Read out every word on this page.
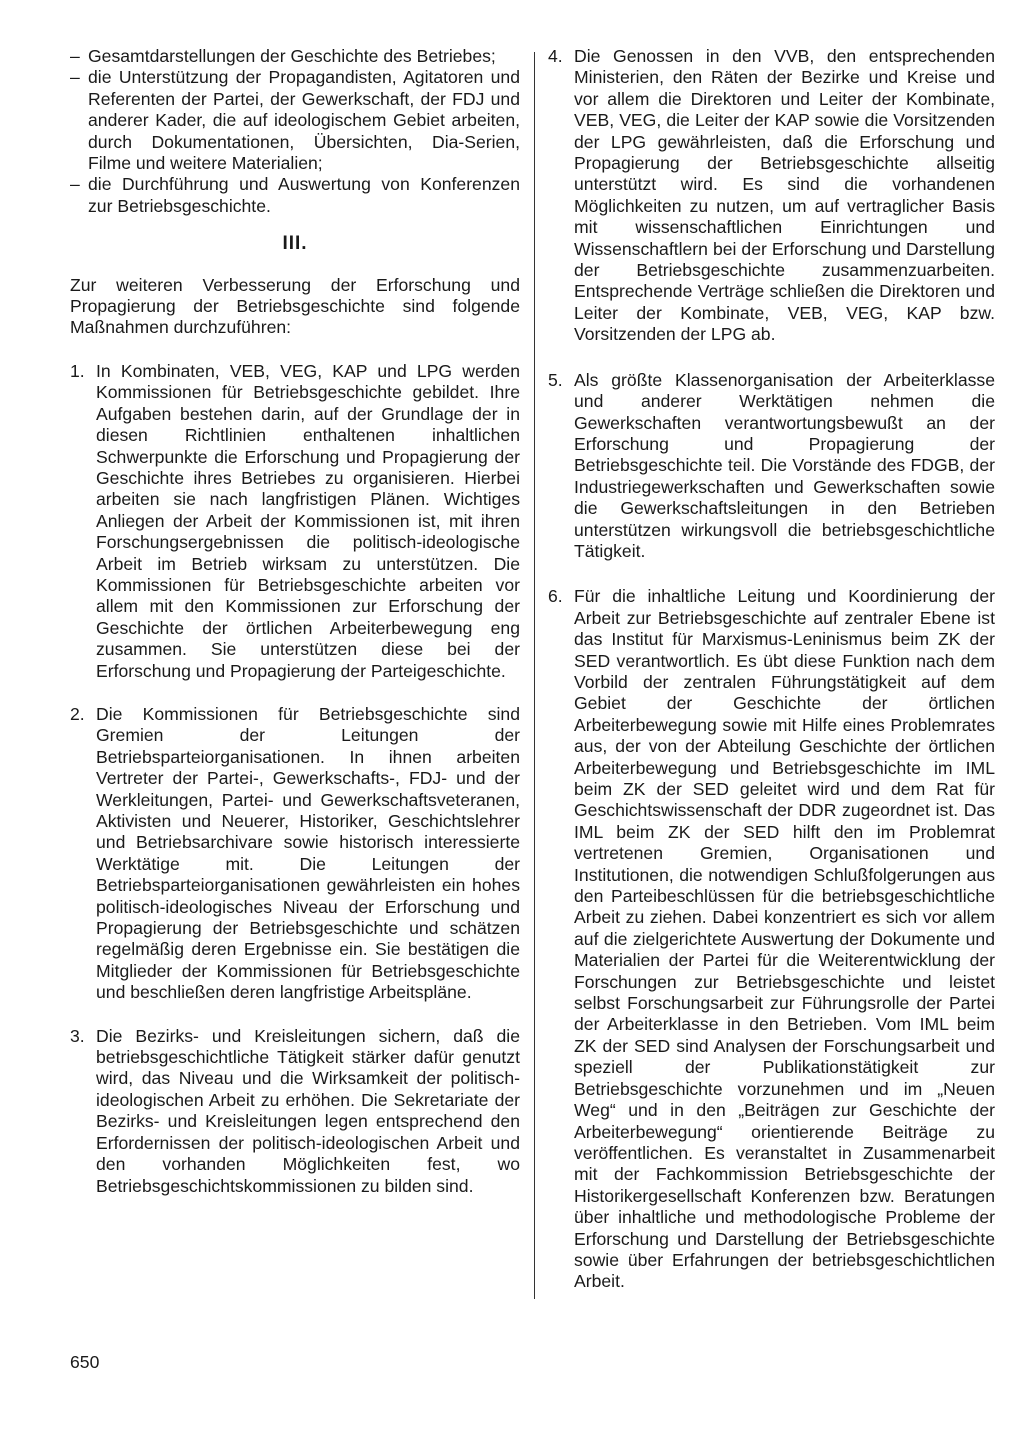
– Gesamtdarstellungen der Geschichte des Betriebes;
– die Unterstützung der Propagandisten, Agitatoren und Referenten der Partei, der Gewerkschaft, der FDJ und anderer Kader, die auf ideologischem Gebiet arbeiten, durch Dokumentationen, Übersichten, Dia-Serien, Filme und weitere Materialien;
– die Durchführung und Auswertung von Konferenzen zur Betriebsgeschichte.
III.

Zur weiteren Verbesserung der Erforschung und Propagierung der Betriebsgeschichte sind folgende Maßnahmen durchzuführen:

1. In Kombinaten, VEB, VEG, KAP und LPG werden Kommissionen für Betriebsgeschichte gebildet. Ihre Aufgaben bestehen darin, auf der Grundlage der in diesen Richtlinien enthaltenen inhaltlichen Schwerpunkte die Erforschung und Propagierung der Geschichte ihres Betriebes zu organisieren. Hierbei arbeiten sie nach langfristigen Plänen. Wichtiges Anliegen der Arbeit der Kommissionen ist, mit ihren Forschungsergebnissen die politisch-ideologische Arbeit im Betrieb wirksam zu unterstützen. Die Kommissionen für Betriebsgeschichte arbeiten vor allem mit den Kommissionen zur Erforschung der Geschichte der örtlichen Arbeiterbewegung eng zusammen. Sie unterstützen diese bei der Erforschung und Propagierung der Parteigeschichte.
2. Die Kommissionen für Betriebsgeschichte sind Gremien der Leitungen der Betriebsparteiorganisationen. In ihnen arbeiten Vertreter der Partei-, Gewerkschafts-, FDJ- und der Werkleitungen, Partei- und Gewerkschaftsveteranen, Aktivisten und Neuerer, Historiker, Geschichtslehrer und Betriebsarchivare sowie historisch interessierte Werktätige mit. Die Leitungen der Betriebsparteiorganisationen gewährleisten ein hohes politisch-ideologisches Niveau der Erforschung und Propagierung der Betriebsgeschichte und schätzen regelmäßig deren Ergebnisse ein. Sie bestätigen die Mitglieder der Kommissionen für Betriebsgeschichte und beschließen deren langfristige Arbeitspläne.
3. Die Bezirks- und Kreisleitungen sichern, daß die betriebsgeschichtliche Tätigkeit stärker dafür genutzt wird, das Niveau und die Wirksamkeit der politisch-ideologischen Arbeit zu erhöhen. Die Sekretariate der Bezirks- und Kreisleitungen legen entsprechend den Erfordernissen der politisch-ideologischen Arbeit und den vorhanden Möglichkeiten fest, wo Betriebsgeschichtskommissionen zu bilden sind.
4. Die Genossen in den VVB, den entsprechenden Ministerien, den Räten der Bezirke und Kreise und vor allem die Direktoren und Leiter der Kombinate, VEB, VEG, die Leiter der KAP sowie die Vorsitzenden der LPG gewährleisten, daß die Erforschung und Propagierung der Betriebsgeschichte allseitig unterstützt wird. Es sind die vorhandenen Möglichkeiten zu nutzen, um auf vertraglicher Basis mit wissenschaftlichen Einrichtungen und Wissenschaftlern bei der Erforschung und Darstellung der Betriebsgeschichte zusammenzuarbeiten. Entsprechende Verträge schließen die Direktoren und Leiter der Kombinate, VEB, VEG, KAP bzw. Vorsitzenden der LPG ab.
5. Als größte Klassenorganisation der Arbeiterklasse und anderer Werktätigen nehmen die Gewerkschaften verantwortungsbewußt an der Erforschung und Propagierung der Betriebsgeschichte teil. Die Vorstände des FDGB, der Industriegewerkschaften und Gewerkschaften sowie die Gewerkschaftsleitungen in den Betrieben unterstützen wirkungsvoll die betriebsgeschichtliche Tätigkeit.
6. Für die inhaltliche Leitung und Koordinierung der Arbeit zur Betriebsgeschichte auf zentraler Ebene ist das Institut für Marxismus-Leninismus beim ZK der SED verantwortlich. Es übt diese Funktion nach dem Vorbild der zentralen Führungstätigkeit auf dem Gebiet der Geschichte der örtlichen Arbeiterbewegung sowie mit Hilfe eines Problemrates aus, der von der Abteilung Geschichte der örtlichen Arbeiterbewegung und Betriebsgeschichte im IML beim ZK der SED geleitet wird und dem Rat für Geschichtswissenschaft der DDR zugeordnet ist. Das IML beim ZK der SED hilft den im Problemrat vertretenen Gremien, Organisationen und Institutionen, die notwendigen Schlußfolgerungen aus den Parteibeschlüssen für die betriebsgeschichtliche Arbeit zu ziehen. Dabei konzentriert es sich vor allem auf die zielgerichtete Auswertung der Dokumente und Materialien der Partei für die Weiterentwicklung der Forschungen zur Betriebsgeschichte und leistet selbst Forschungsarbeit zur Führungsrolle der Partei der Arbeiterklasse in den Betrieben. Vom IML beim ZK der SED sind Analysen der Forschungsarbeit und speziell der Publikationstätigkeit zur Betriebsgeschichte vorzunehmen und im „Neuen Weg“ und in den „Beiträgen zur Geschichte der Arbeiterbewegung“ orientierende Beiträge zu veröffentlichen. Es veranstaltet in Zusammenarbeit mit der Fachkommission Betriebsgeschichte der Historikergesellschaft Konferenzen bzw. Beratungen über inhaltliche und methodologische Probleme der Erforschung und Darstellung der Betriebsgeschichte sowie über Erfahrungen der betriebsgeschichtlichen Arbeit.
650
